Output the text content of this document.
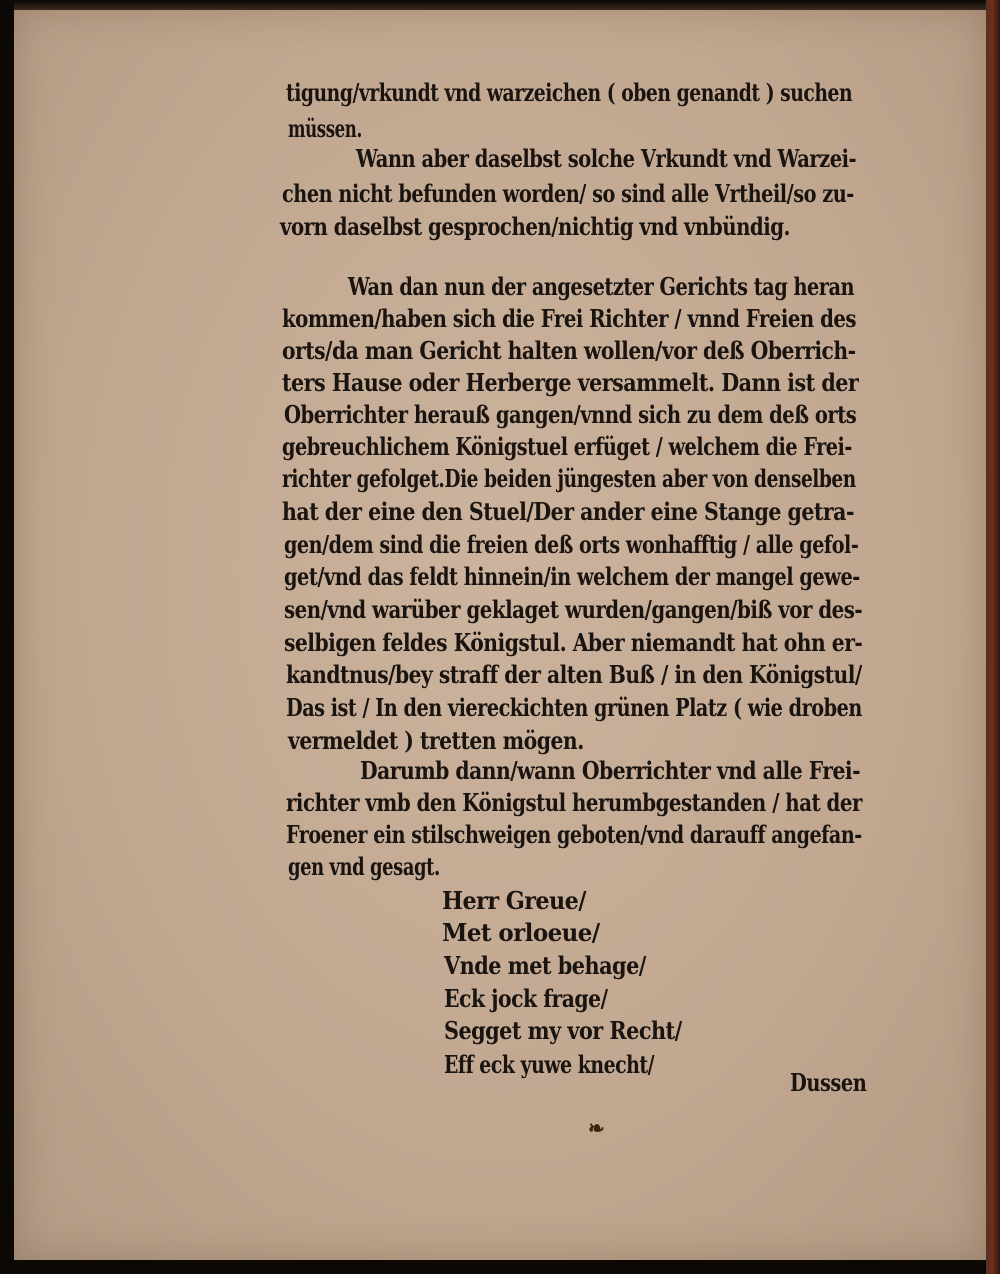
tigung/vrkundt vnd warzeichen ( oben genandt ) suchen
müssen.
Wann aber daselbst solche Vrkundt vnd Warzei-
chen nicht befunden worden/ so sind alle Vrtheil/so zu-
vorn daselbst gesprochen/nichtig vnd vnbündig.
Wan dan nun der angesetzter Gerichts tag heran
kommen/haben sich die Frei Richter / vnnd Freien des
orts/da man Gericht halten wollen/vor deß Oberrich-
ters Hause oder Herberge versammelt. Dann ist der
Oberrichter herauß gangen/vnnd sich zu dem deß orts
gebreuchlichem Königstuel erfüget / welchem die Frei-
richter gefolget.Die beiden jüngesten aber von denselben
hat der eine den Stuel/Der ander eine Stange getra-
gen/dem sind die freien deß orts wonhafftig / alle gefol-
get/vnd das feldt hinnein/in welchem der mangel gewe-
sen/vnd warüber geklaget wurden/gangen/biß vor des-
selbigen feldes Königstul. Aber niemandt hat ohn er-
kandtnus/bey straff der alten Buß / in den Königstul/
Das ist / In den viereckichten grünen Platz ( wie droben
vermeldet ) tretten mögen.
Darumb dann/wann Oberrichter vnd alle Frei-
richter vmb den Königstul herumbgestanden / hat der
Froener ein stilschweigen geboten/vnd darauff angefan-
gen vnd gesagt.
Herr Greue/
Met orloeue/
Vnde met behage/
Eck jock frage/
Segget my vor Recht/
Eff eck yuwe knecht/
Dussen
❧
